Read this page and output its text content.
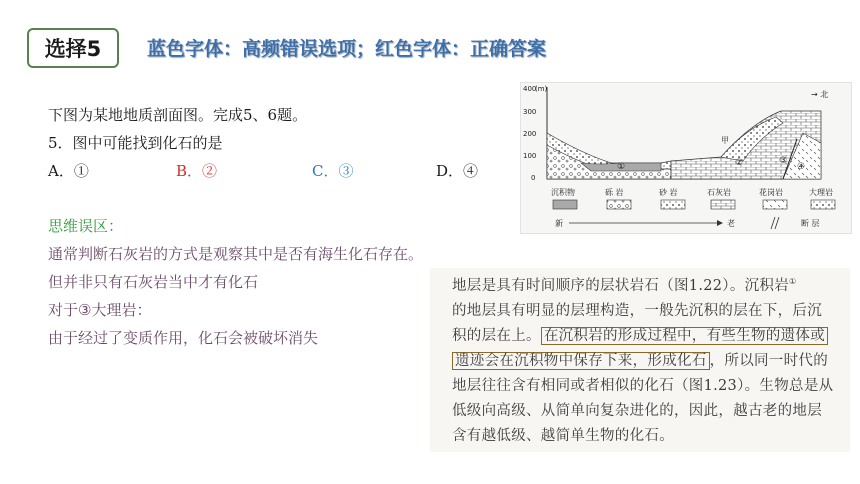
选择5	蓝色字体：高频错误选项；红色字体：正确答案
下图为某地地质剖面图。完成5、6题。
5．图中可能找到化石的是
A．①	B．②	C．③	D．④
思维误区：
通常判断石灰岩的方式是观察其中是否有海生化石存在。
但并非只有石灰岩当中才有化石
对于③大理岩：
由于经过了变质作用，化石会被破坏消失
400
(m)
300
200
100
0
→ 北
①
甲
②	③
④
沉积物	砾 岩	砂 岩	石灰岩	花岗岩	大理岩
新	老	断 层
地层是具有时间顺序的层状岩石（图1.22）。沉积岩①
的地层具有明显的层理构造，一般先沉积的层在下，后沉
积的层在上。 在沉积岩的形成过程中，有些生物的遗体或
遗迹会在沉积物中保存下来，形成化石 ，所以同一时代的
地层往往含有相同或者相似的化石（图1.23）。生物总是从
低级向高级、从简单向复杂进化的，因此，越古老的地层
含有越低级、越简单生物的化石。
